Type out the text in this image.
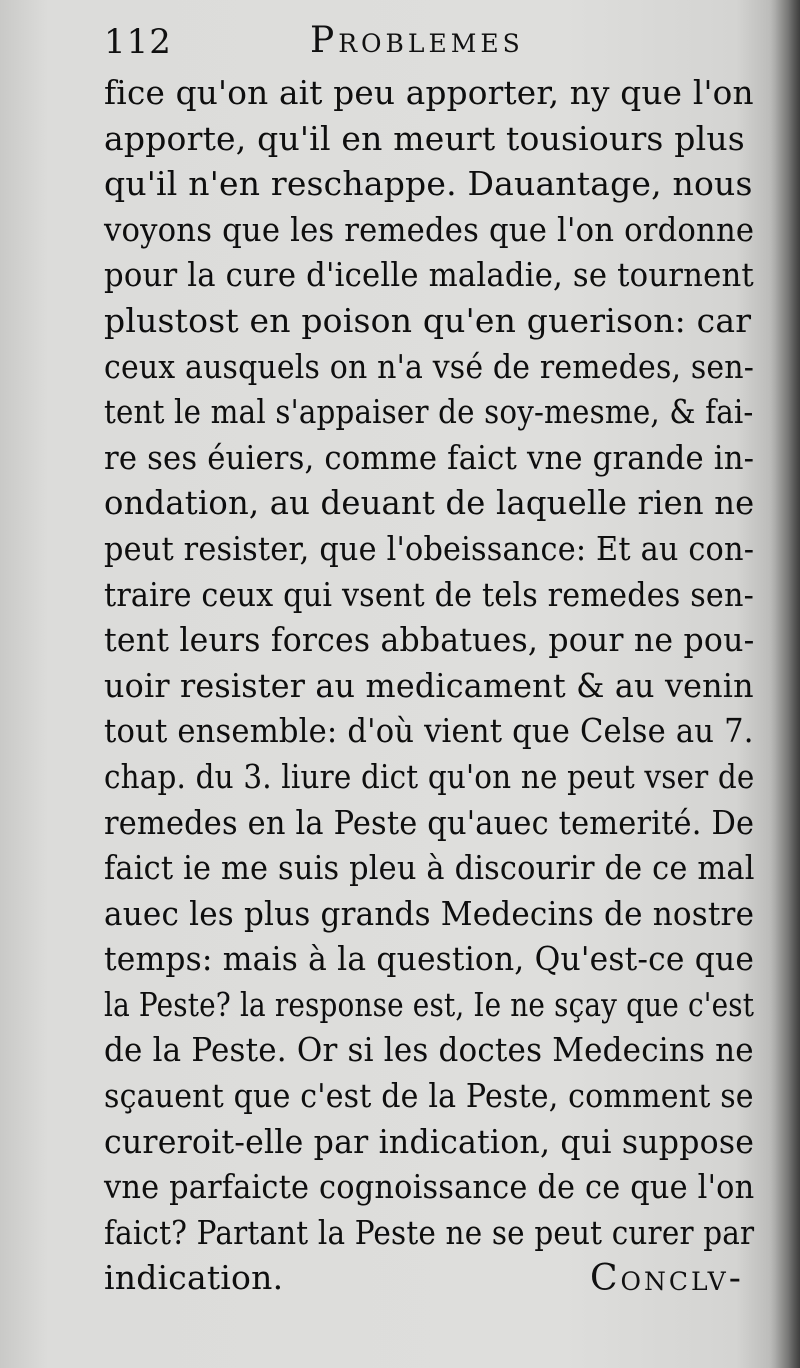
112	Problemes
fice qu'on ait peu apporter, ny que l'on
apporte, qu'il en meurt tousiours plus
qu'il n'en reschappe. Dauantage, nous
voyons que les remedes que l'on ordonne
pour la cure d'icelle maladie, se tournent
plustost en poison qu'en guerison: car
ceux ausquels on n'a vsé de remedes, sen-
tent le mal s'appaiser de soy-mesme, & fai-
re ses éuiers, comme faict vne grande in-
ondation, au deuant de laquelle rien ne
peut resister, que l'obeissance: Et au con-
traire ceux qui vsent de tels remedes sen-
tent leurs forces abbatues, pour ne pou-
uoir resister au medicament & au venin
tout ensemble: d'où vient que Celse au 7.
chap. du 3. liure dict qu'on ne peut vser de
remedes en la Peste qu'auec temerité. De
faict ie me suis pleu à discourir de ce mal
auec les plus grands Medecins de nostre
temps: mais à la question, Qu'est-ce que
la Peste? la response est, Ie ne sçay que c'est
de la Peste. Or si les doctes Medecins ne
sçauent que c'est de la Peste, comment se
cureroit-elle par indication, qui suppose
vne parfaicte cognoissance de ce que l'on
faict? Partant la Peste ne se peut curer par
indication.	Conclv-
